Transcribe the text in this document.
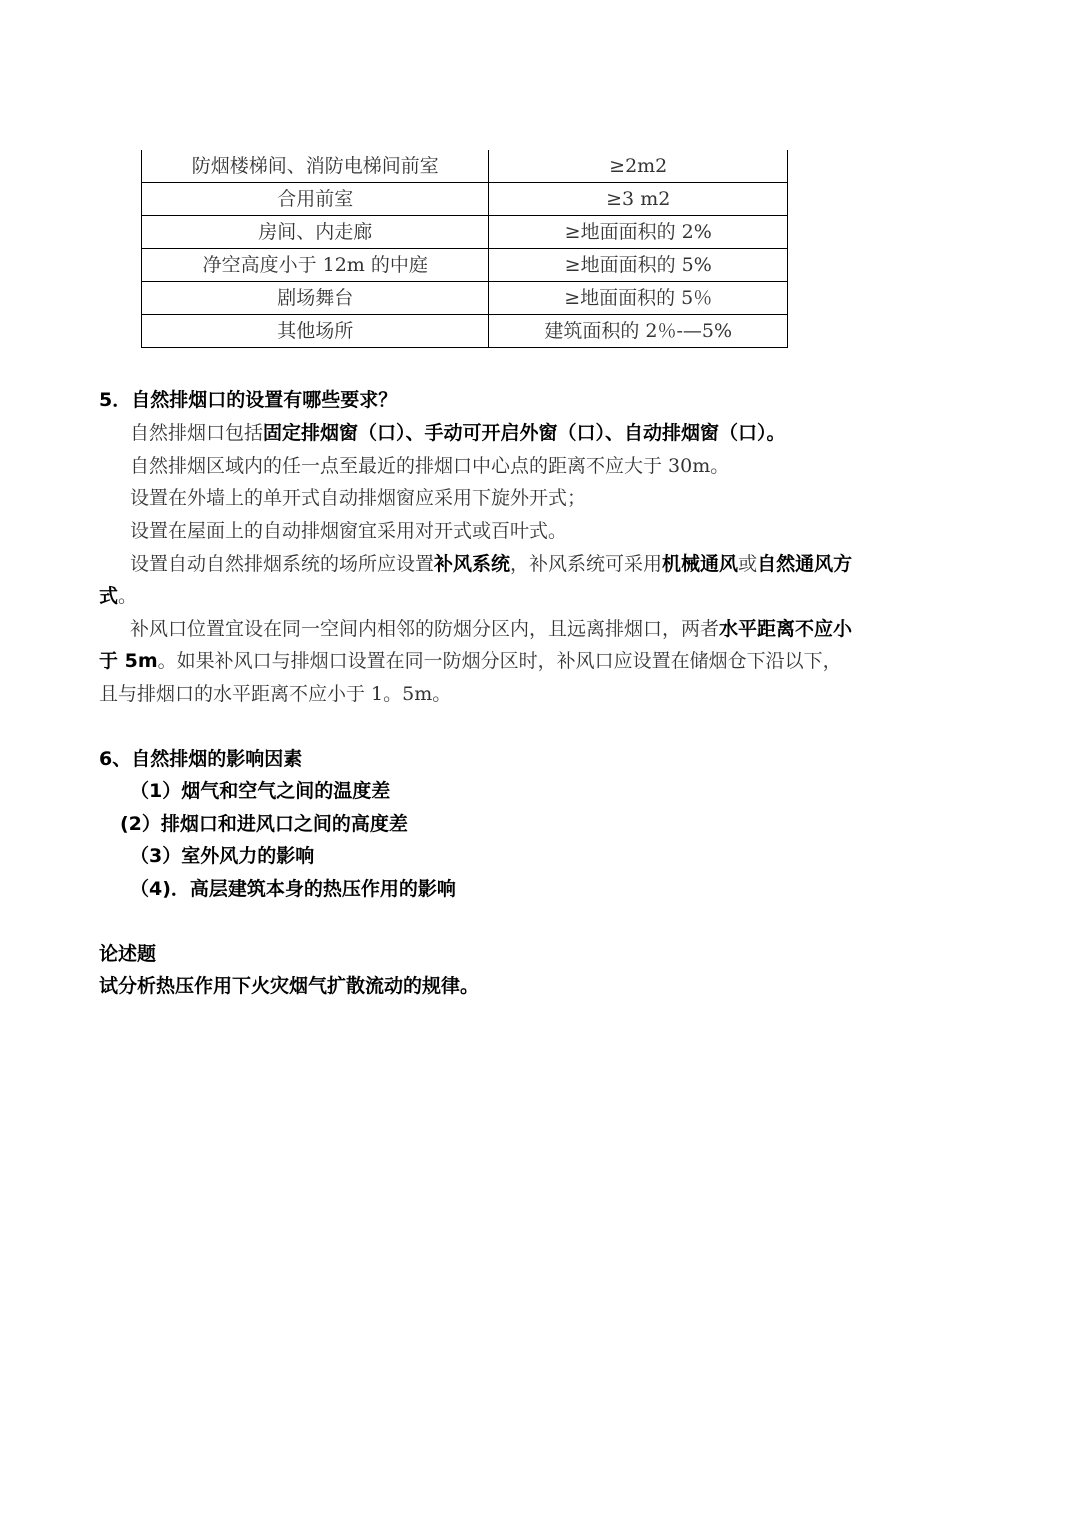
防烟楼梯间、消防电梯间前室	≥2m2
合用前室	≥3 m2
房间、内走廊	≥地面面积的 2%
净空高度小于 12m 的中庭	≥地面面积的 5%
剧场舞台	≥地面面积的 5％
其他场所	建筑面积的 2％-—5%
5．自然排烟口的设置有哪些要求？
自然排烟口包括固定排烟窗（口）、手动可开启外窗（口）、自动排烟窗（口）。
自然排烟区域内的任一点至最近的排烟口中心点的距离不应大于 30m。
设置在外墙上的单开式自动排烟窗应采用下旋外开式；
设置在屋面上的自动排烟窗宜采用对开式或百叶式。
设置自动自然排烟系统的场所应设置补风系统，补风系统可采用机械通风或自然通风方
式。
补风口位置宜设在同一空间内相邻的防烟分区内，且远离排烟口，两者水平距离不应小
于 5m。如果补风口与排烟口设置在同一防烟分区时，补风口应设置在储烟仓下沿以下，
且与排烟口的水平距离不应小于 1。5m。
6、自然排烟的影响因素
（1）烟气和空气之间的温度差
(2）排烟口和进风口之间的高度差
（3）室外风力的影响
（4)．高层建筑本身的热压作用的影响
论述题
试分析热压作用下火灾烟气扩散流动的规律。
